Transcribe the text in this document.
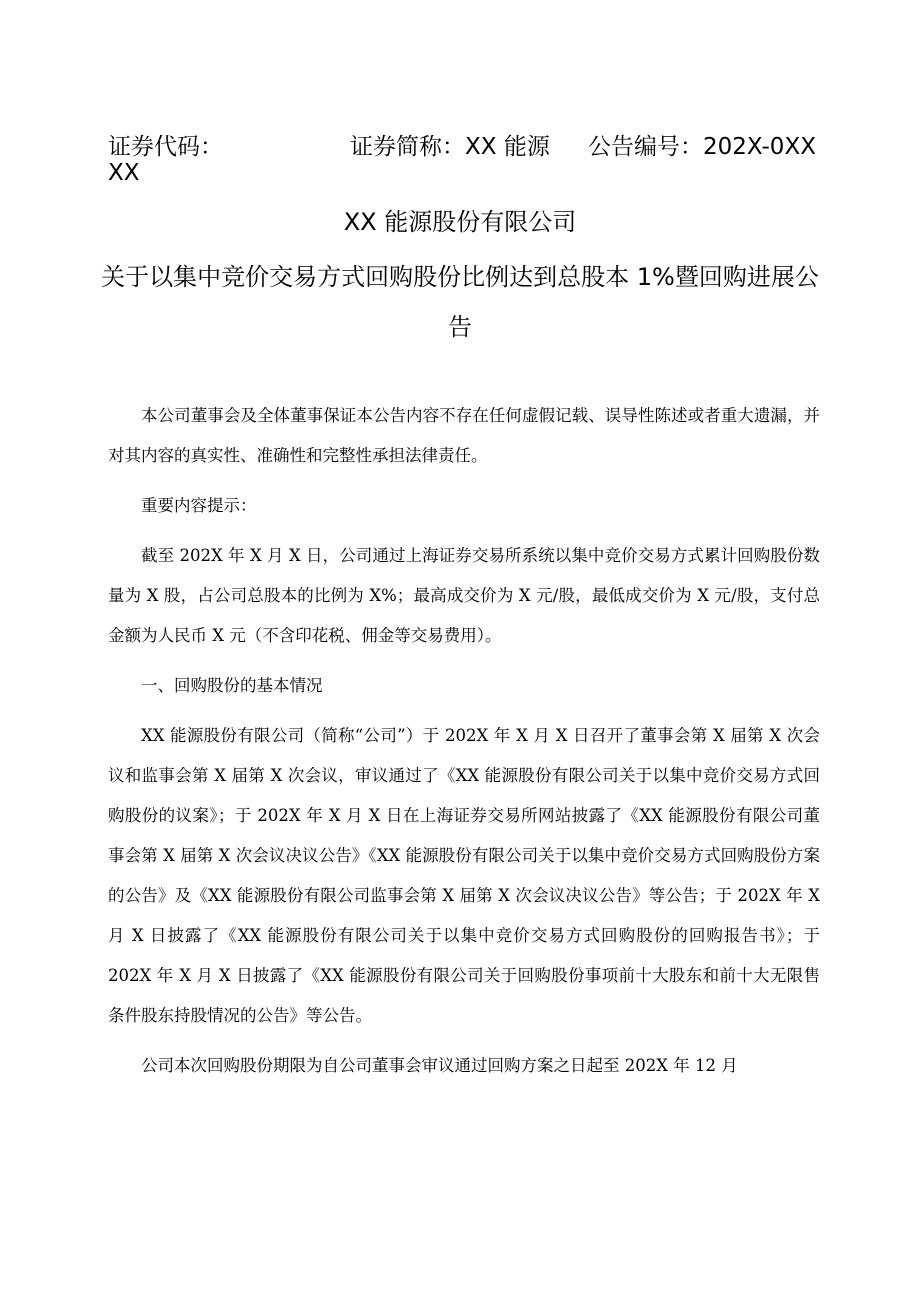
证券代码：	证券简称：XX 能源 公告编号：202X-0XX
XX
XX 能源股份有限公司
关于以集中竞价交易方式回购股份比例达到总股本 1%暨回购进展公告

本公司董事会及全体董事保证本公告内容不存在任何虚假记载、误导性陈述或者重大遗漏，并对其内容的真实性、准确性和完整性承担法律责任。

重要内容提示：

截至 202X 年 X 月 X 日，公司通过上海证券交易所系统以集中竞价交易方式累计回购股份数量为 X 股，占公司总股本的比例为 X%；最高成交价为 X 元/股，最低成交价为 X 元/股，支付总金额为人民币 X 元（不含印花税、佣金等交易费用）。

一、回购股份的基本情况

XX 能源股份有限公司（简称“公司”）于 202X 年 X 月 X 日召开了董事会第 X 届第 X 次会议和监事会第 X 届第 X 次会议，审议通过了《XX 能源股份有限公司关于以集中竞价交易方式回购股份的议案》；于 202X 年 X 月 X 日在上海证券交易所网站披露了《XX 能源股份有限公司董事会第 X 届第 X 次会议决议公告》《XX 能源股份有限公司关于以集中竞价交易方式回购股份方案的公告》及《XX 能源股份有限公司监事会第 X 届第 X 次会议决议公告》等公告；于 202X 年 X 月 X 日披露了《XX 能源股份有限公司关于以集中竞价交易方式回购股份的回购报告书》；于 202X 年 X 月 X 日披露了《XX 能源股份有限公司关于回购股份事项前十大股东和前十大无限售条件股东持股情况的公告》等公告。

公司本次回购股份期限为自公司董事会审议通过回购方案之日起至 202X 年 12 月
